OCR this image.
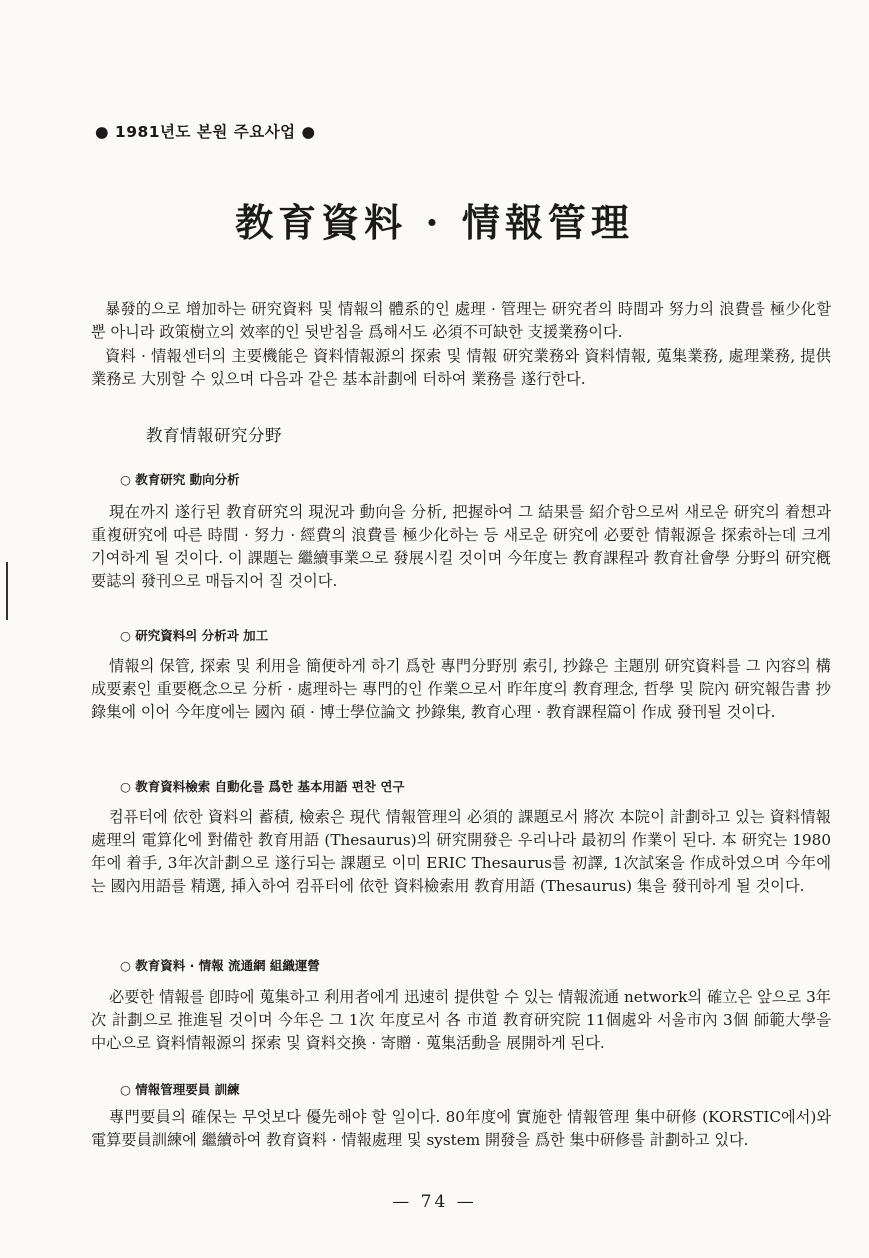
● 1981년도 본원 주요사업 ●
教育資料 · 情報管理

暴發的으로 增加하는 研究資料 및 情報의 體系的인 處理 · 管理는 研究者의 時間과 努力의 浪費를 極少化할 뿐 아니라 政策樹立의 效率的인 뒷받침을 爲해서도 必須不可缺한 支援業務이다.

資料 · 情報센터의 主要機能은 資料情報源의 探索 및 情報 研究業務와 資料情報, 蒐集業務, 處理業務, 提供業務로 大別할 수 있으며 다음과 같은 基本計劃에 터하여 業務를 遂行한다.

教育情報研究分野
○ 教育研究 動向分析

現在까지 遂行된 教育研究의 現況과 動向을 分析, 把握하여 그 結果를 紹介함으로써 새로운 研究의 着想과 重複研究에 따른 時間 · 努力 · 經費의 浪費를 極少化하는 등 새로운 研究에 必要한 情報源을 探索하는데 크게 기여하게 될 것이다. 이 課題는 繼續事業으로 發展시킬 것이며 今年度는 教育課程과 教育社會學 分野의 研究槪要誌의 發刊으로 매듭지어 질 것이다.

○ 研究資料의 分析과 加工

情報의 保管, 探索 및 利用을 簡便하게 하기 爲한 專門分野別 索引, 抄錄은 主題別 研究資料를 그 內容의 構成要素인 重要槪念으로 分析 · 處理하는 專門的인 作業으로서 昨年度의 教育理念, 哲學 및 院內 研究報告書 抄錄集에 이어 今年度에는 國內 碩 · 博士學位論文 抄錄集, 教育心理 · 教育課程篇이 作成 發刊될 것이다.

○ 教育資料檢索 自動化를 爲한 基本用語 편찬 연구

컴퓨터에 依한 資料의 蓄積, 檢索은 現代 情報管理의 必須的 課題로서 將次 本院이 計劃하고 있는 資料情報處理의 電算化에 對備한 教育用語 (Thesaurus)의 研究開發은 우리나라 最初의 作業이 된다. 本 研究는 1980年에 着手, 3年次計劃으로 遂行되는 課題로 이미 ERIC Thesaurus를 初譯, 1次試案을 作成하였으며 今年에는 國內用語를 精選, 挿入하여 컴퓨터에 依한 資料檢索用 教育用語 (Thesaurus) 集을 發刊하게 될 것이다.

○ 教育資料 · 情報 流通網 組織運營

必要한 情報를 卽時에 蒐集하고 利用者에게 迅速히 提供할 수 있는 情報流通 network의 確立은 앞으로 3年次 計劃으로 推進될 것이며 今年은 그 1次 年度로서 各 市道 教育研究院 11個處와 서울市內 3個 師範大學을 中心으로 資料情報源의 探索 및 資料交換 · 寄贈 · 蒐集活動을 展開하게 된다.

○ 情報管理要員 訓練

專門要員의 確保는 무엇보다 優先해야 할 일이다. 80年度에 實施한 情報管理 集中研修 (KORSTIC에서)와 電算要員訓練에 繼續하여 教育資料 · 情報處理 및 system 開發을 爲한 集中研修를 計劃하고 있다.

— 74 —
